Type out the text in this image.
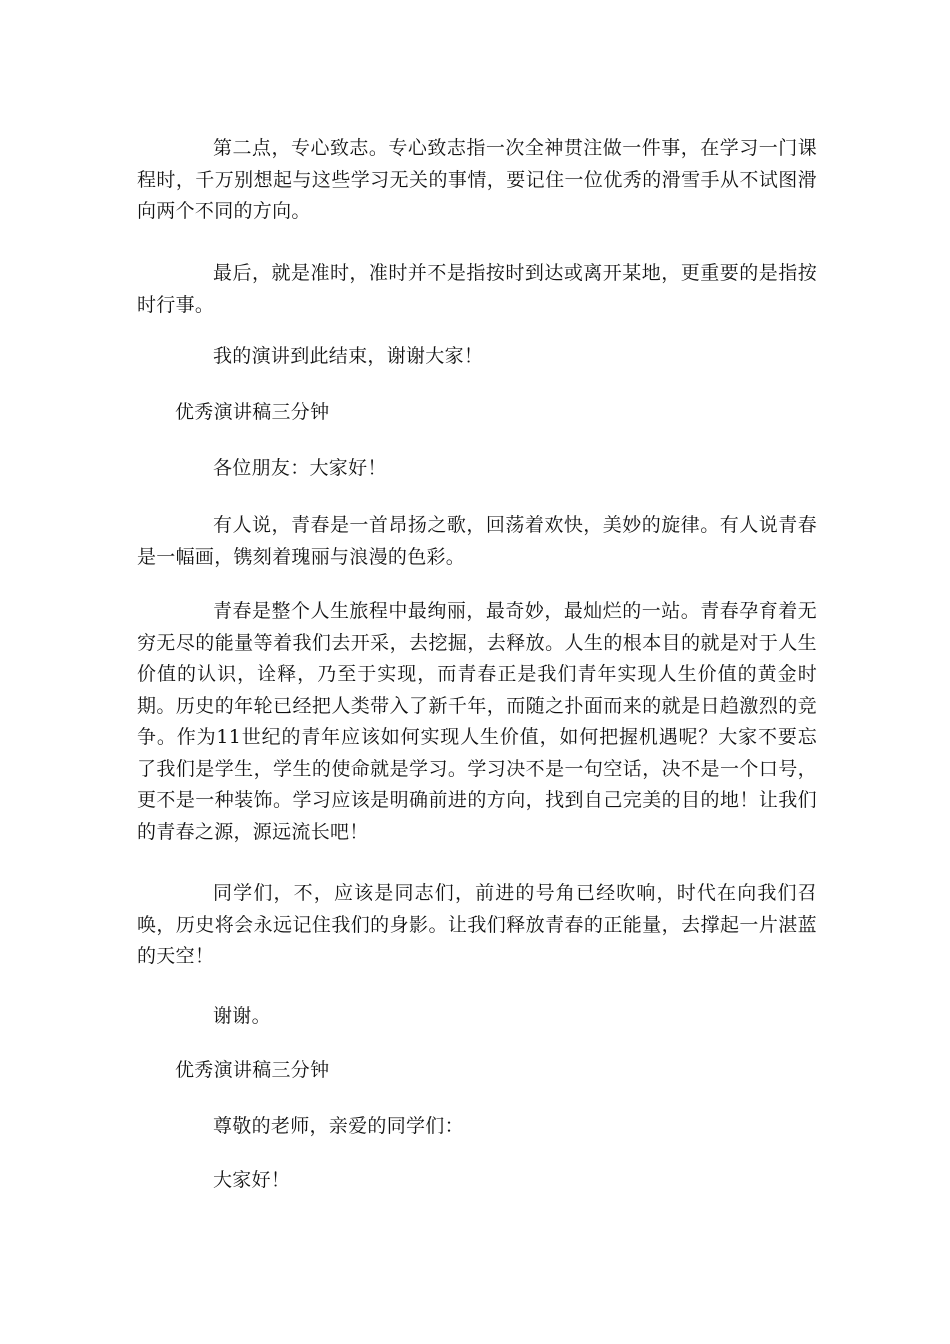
第二点，专心致志。专心致志指一次全神贯注做一件事，在学习一门课程时，千万别想起与这些学习无关的事情，要记住一位优秀的滑雪手从不试图滑向两个不同的方向。

最后，就是准时，准时并不是指按时到达或离开某地，更重要的是指按时行事。

我的演讲到此结束，谢谢大家！

优秀演讲稿三分钟

各位朋友：大家好！

有人说，青春是一首昂扬之歌，回荡着欢快，美妙的旋律。有人说青春是一幅画，镌刻着瑰丽与浪漫的色彩。

青春是整个人生旅程中最绚丽，最奇妙，最灿烂的一站。青春孕育着无穷无尽的能量等着我们去开采，去挖掘，去释放。人生的根本目的就是对于人生价值的认识，诠释，乃至于实现，而青春正是我们青年实现人生价值的黄金时期。历史的年轮已经把人类带入了新千年，而随之扑面而来的就是日趋激烈的竞争。作为11世纪的青年应该如何实现人生价值，如何把握机遇呢？大家不要忘了我们是学生，学生的使命就是学习。学习决不是一句空话，决不是一个口号，更不是一种装饰。学习应该是明确前进的方向，找到自己完美的目的地！让我们的青春之源，源远流长吧！

同学们，不，应该是同志们，前进的号角已经吹响，时代在向我们召唤，历史将会永远记住我们的身影。让我们释放青春的正能量，去撑起一片湛蓝的天空！

谢谢。

优秀演讲稿三分钟

尊敬的老师，亲爱的同学们：

大家好！
